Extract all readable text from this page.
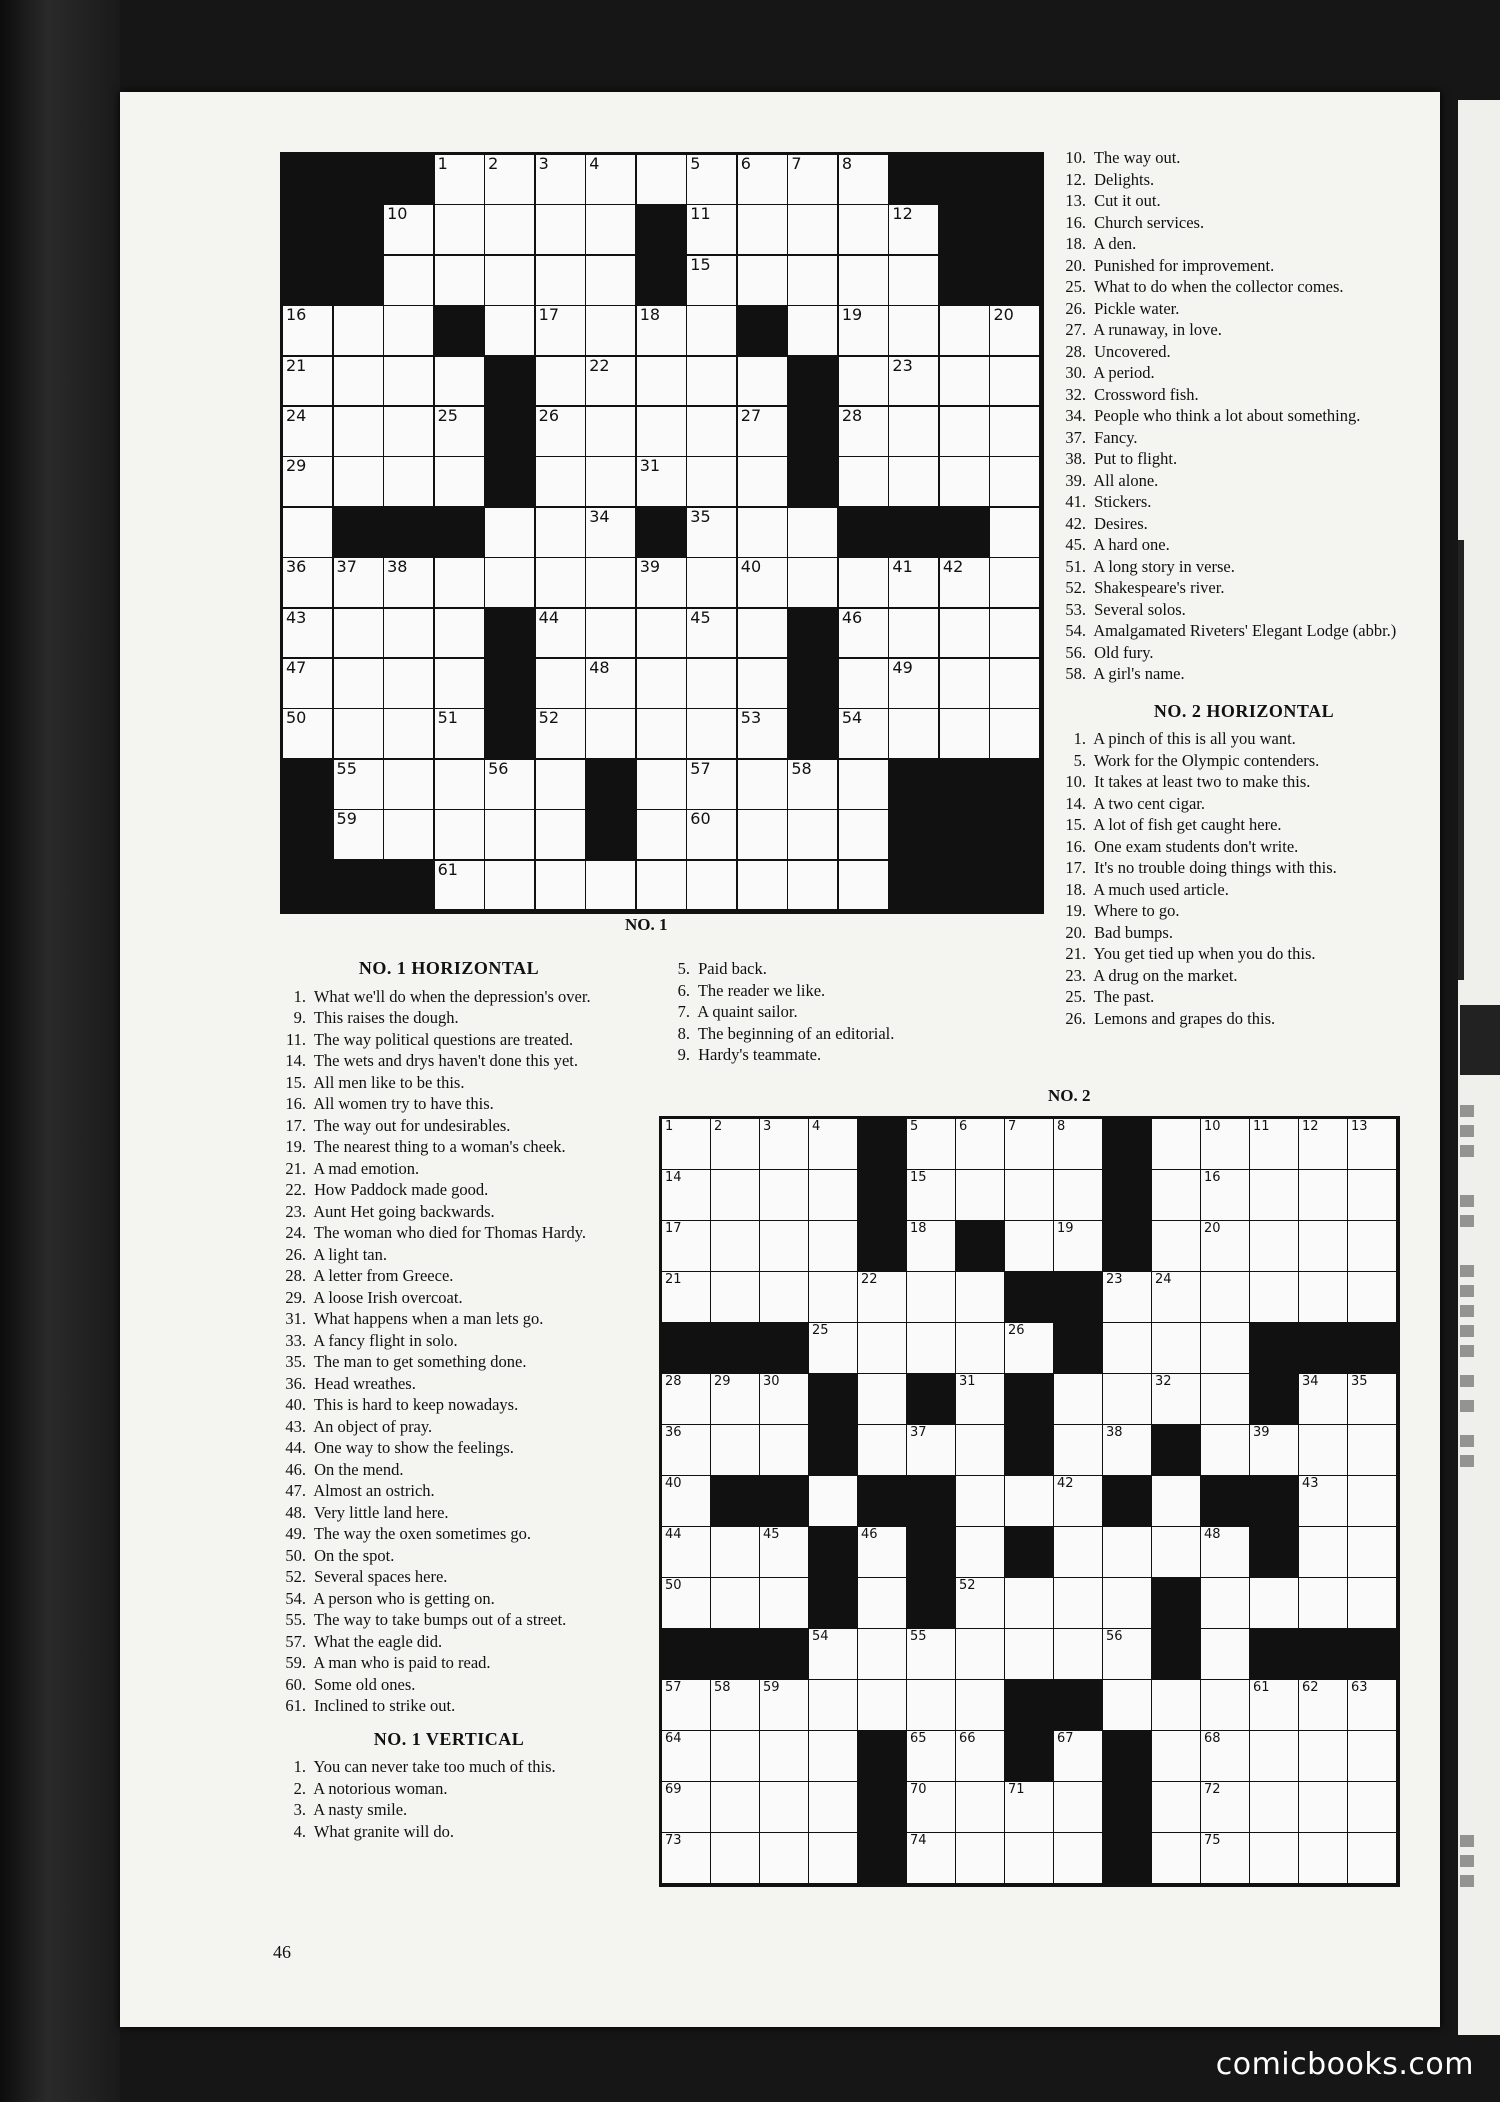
1	2	3	4	5	6	7	8
10	11	12
15
16	17	18	19	20
21	22	23
24	25	26	27	28
29	31
34	35
36 37 38	39	40	41 42
43	44	45	46
47	48	49
50	51	52	53	54
55	56	57	58
59	60
61
NO. 1
NO. 1 HORIZONTAL
1. What we'll do when the depression's over.
9. This raises the dough.
11. The way political questions are treated.
14. The wets and drys haven't done this yet.
15. All men like to be this.
16. All women try to have this.
17. The way out for undesirables.
19. The nearest thing to a woman's cheek.
21. A mad emotion.
22. How Paddock made good.
23. Aunt Het going backwards.
24. The woman who died for Thomas Hardy.
26. A light tan.
28. A letter from Greece.
29. A loose Irish overcoat.
31. What happens when a man lets go.
33. A fancy flight in solo.
35. The man to get something done.
36. Head wreathes.
40. This is hard to keep nowadays.
43. An object of pray.
44. One way to show the feelings.
46. On the mend.
47. Almost an ostrich.
48. Very little land here.
49. The way the oxen sometimes go.
50. On the spot.
52. Several spaces here.
54. A person who is getting on.
55. The way to take bumps out of a street.
57. What the eagle did.
59. A man who is paid to read.
60. Some old ones.
61. Inclined to strike out.
NO. 1 VERTICAL
1. You can never take too much of this.
2. A notorious woman.
3. A nasty smile.
4. What granite will do.
5. Paid back.
6. The reader we like.
7. A quaint sailor.
8. The beginning of an editorial.
9. Hardy's teammate.
10. The way out.
12. Delights.
13. Cut it out.
16. Church services.
18. A den.
20. Punished for improvement.
25. What to do when the collector comes.
26. Pickle water.
27. A runaway, in love.
28. Uncovered.
30. A period.
32. Crossword fish.
34. People who think a lot about something.
37. Fancy.
38. Put to flight.
39. All alone.
41. Stickers.
42. Desires.
45. A hard one.
51. A long story in verse.
52. Shakespeare's river.
53. Several solos.
54. Amalgamated Riveters' Elegant Lodge (abbr.)
56. Old fury.
58. A girl's name.
NO. 2 HORIZONTAL
1. A pinch of this is all you want.
5. Work for the Olympic contenders.
10. It takes at least two to make this.
14. A two cent cigar.
15. A lot of fish get caught here.
16. One exam students don't write.
17. It's no trouble doing things with this.
18. A much used article.
19. Where to go.
20. Bad bumps.
21. You get tied up when you do this.
23. A drug on the market.
25. The past.
26. Lemons and grapes do this.
NO. 2
1	2	3	4	5	6	7	8	10 11 12 13
14	15	16
17	18	19	20
21	22	23 24
25	26
28 29 30	31	32	34 35
36	37	38	39
40	42	43
44	45	46	48
50	52
54	55	56
57 58 59	61 62 63
64	65 66	67	68
69	70	71	72
73	74	75
46
comicbooks.com
